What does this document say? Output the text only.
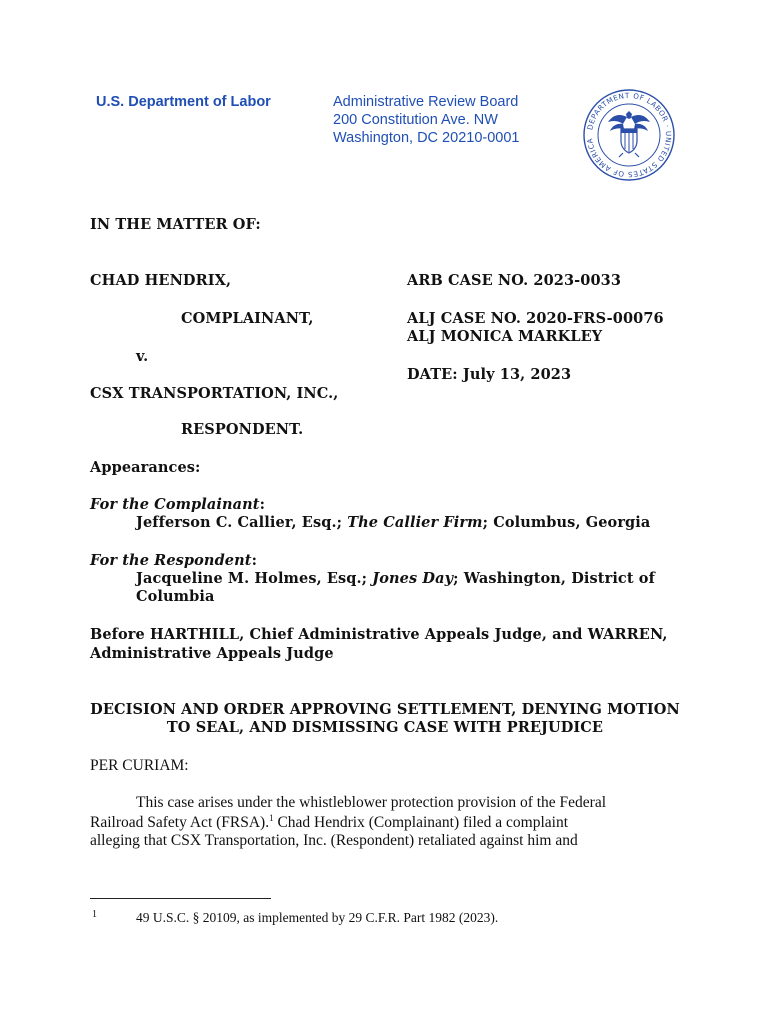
U.S. Department of Labor	Administrative Review Board
200 Constitution Ave. NW
Washington, DC 20210-0001
DEPARTMENT OF LABOR · UNITED STATES OF AMERICA
IN THE MATTER OF:
CHAD HENDRIX,
COMPLAINANT,
v.
CSX TRANSPORTATION, INC.,
RESPONDENT.
ARB CASE NO. 2023-0033
ALJ CASE NO. 2020-FRS-00076
ALJ MONICA MARKLEY
DATE: July 13, 2023
Appearances:
For the Complainant:
Jefferson C. Callier, Esq.; The Callier Firm; Columbus, Georgia
For the Respondent:
Jacqueline M. Holmes, Esq.; Jones Day; Washington, District of
Columbia
Before HARTHILL, Chief Administrative Appeals Judge, and WARREN,
Administrative Appeals Judge
DECISION AND ORDER APPROVING SETTLEMENT, DENYING MOTION
TO SEAL, AND DISMISSING CASE WITH PREJUDICE
PER CURIAM:
This case arises under the whistleblower protection provision of the Federal
Railroad Safety Act (FRSA).$^1$ Chad Hendrix (Complainant) filed a complaint
alleging that CSX Transportation, Inc. (Respondent) retaliated against him and
1	49 U.S.C. § 20109, as implemented by 29 C.F.R. Part 1982 (2023).
